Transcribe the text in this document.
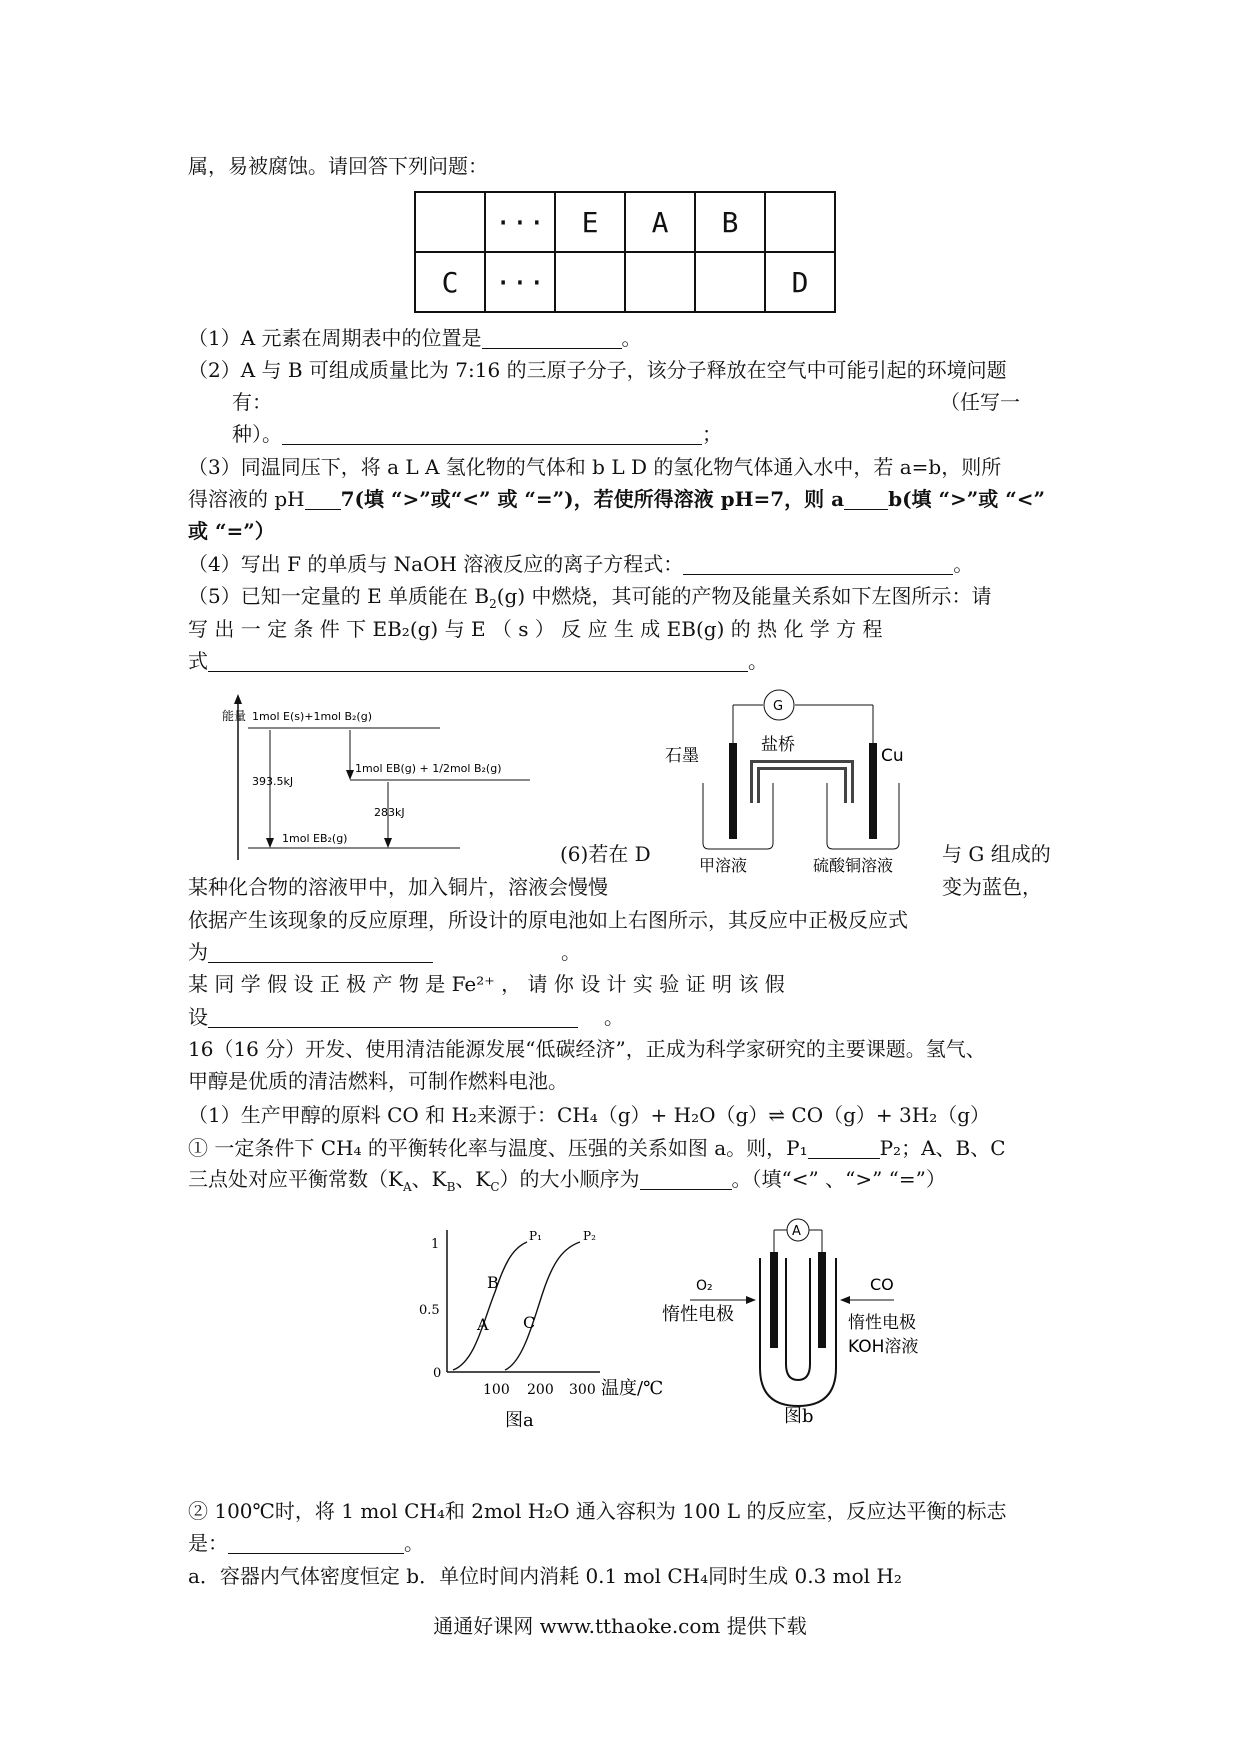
属，易被腐蚀。请回答下列问题：
	···	E	A	B	
C	···				D
（1）A 元素在周期表中的位置是	。
（2）A 与 B 可组成质量比为 7:16 的三原子分子，该分子释放在空气中可能引起的环境问题
有：	（任写一
种）。	；
（3）同温同压下，将 a L A 氢化物的气体和 b L D 的氢化物气体通入水中，若 a=b，则所
得溶液的 pH 7(填 “>”或“<” 或 “=”)，若使所得溶液 pH=7，则 a b(填 “>”或 “<”
或 “=”）
（4）写出 F 的单质与 NaOH 溶液反应的离子方程式：	。
（5）已知一定量的 E 单质能在 $B_2(g)$ 中燃烧，其可能的产物及能量关系如下左图所示：请
写 出 一 定 条 件 下 EB₂(g) 与 E （ s ） 反 应 生 成 EB(g) 的 热 化 学 方 程
式	。
能量 1mol E(s)+1mol B₂(g)
1mol EB(g) + 1/2mol B₂(g)
1mol EB₂(g)
393.5kJ
283kJ
G
盐桥
石墨	Cu
甲溶液	硫酸铜溶液
(6)若在 D	与 G 组成的
某种化合物的溶液甲中，加入铜片，溶液会慢慢	变为蓝色，
依据产生该现象的反应原理，所设计的原电池如上右图所示，其反应中正极反应式
为	。
某 同 学 假 设 正 极 产 物 是 Fe²⁺ ， 请 你 设 计 实 验 证 明 该 假
设	。
16（16 分）开发、使用清洁能源发展“低碳经济”，正成为科学家研究的主要课题。氢气、
甲醇是优质的清洁燃料，可制作燃料电池。
（1）生产甲醇的原料 CO 和 H₂来源于：CH₄（g）+ H₂O（g）⇌ CO（g）+ 3H₂（g）
① 一定条件下 CH₄ 的平衡转化率与温度、压强的关系如图 a。则，P₁	P₂；A、B、C
三点处对应平衡常数（$K_A$、$K_B$、$K_C$）的大小顺序为	。（填“<” 、“>” “=”）
1
0.5
0
100 200 300 温度/℃
P₁	P₂
A
B
C
图a
A
O₂	CO
惰性电极	惰性电极
KOH溶液
图b
② 100℃时，将 1 mol CH₄和 2mol H₂O 通入容积为 100 L 的反应室，反应达平衡的标志
是：	。
a．容器内气体密度恒定 b．单位时间内消耗 0.1 mol CH₄同时生成 0.3 mol H₂
通通好课网 www.tthaoke.com 提供下载
